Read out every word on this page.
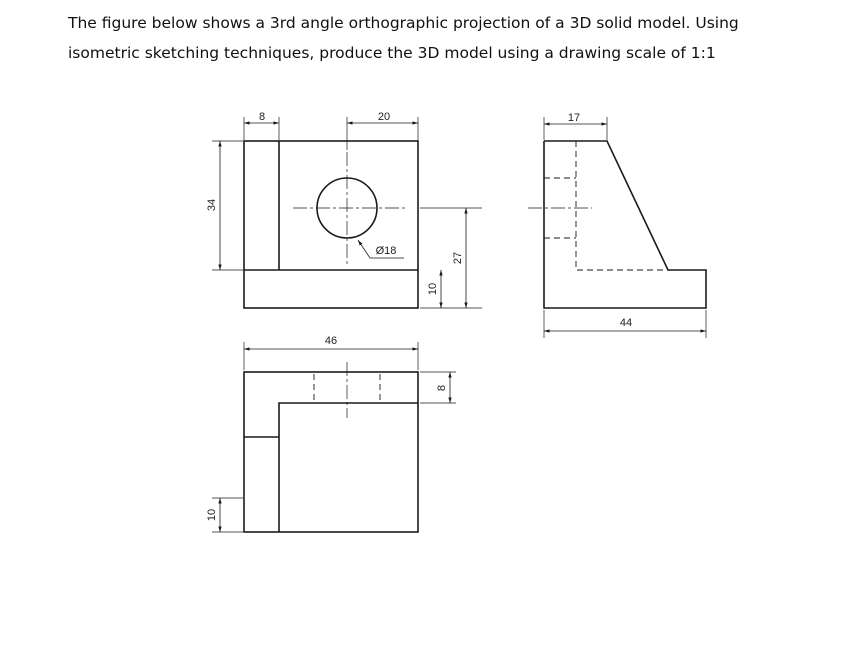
The figure below shows a 3rd angle orthographic projection of a 3D solid model. Using
isometric sketching techniques, produce the 3D model using a drawing scale of 1:1
8	20
34
Ø18
10
27
17
44
46
8
10
